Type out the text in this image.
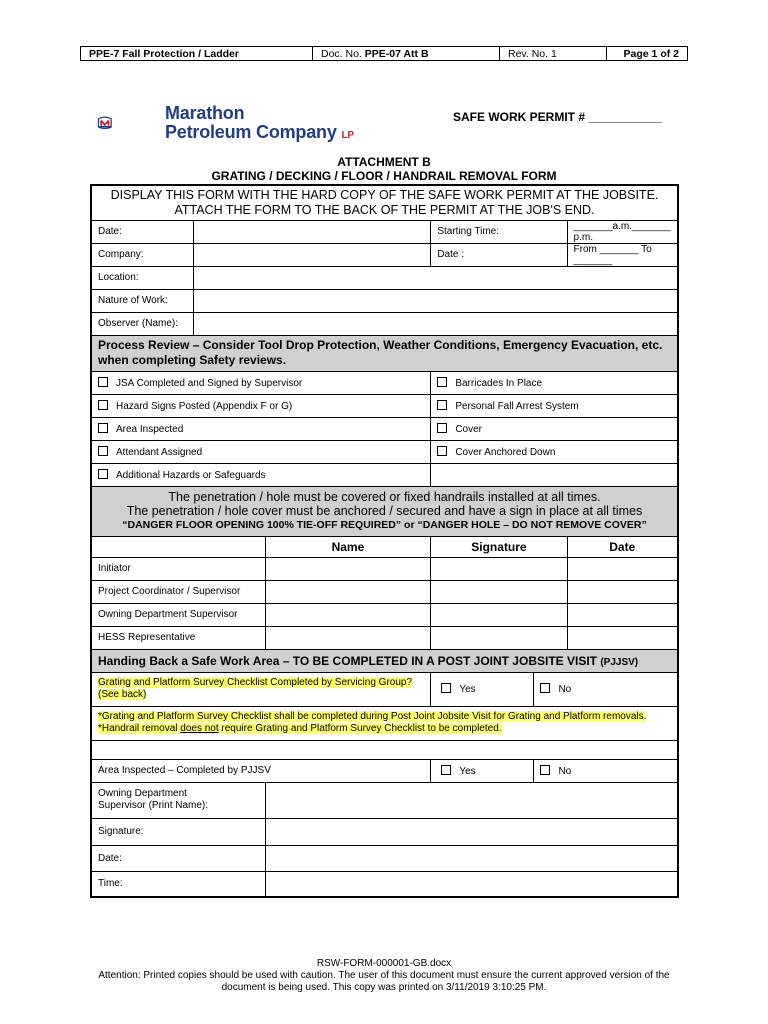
PPE-7 Fall Protection / Ladder	Doc. No. PPE-07 Att B	Rev. No. 1	Page 1 of 2
MARATHON
Marathon
Petroleum Company LP
SAFE WORK PERMIT # ___________
ATTACHMENT B
GRATING / DECKING / FLOOR / HANDRAIL REMOVAL FORM
DISPLAY THIS FORM WITH THE HARD COPY OF THE SAFE WORK PERMIT AT THE JOBSITE.
ATTACH THE FORM TO THE BACK OF THE PERMIT AT THE JOB'S END.					

Date:			Starting Time:		_______a.m._______ p.m.
Company:			Date :		From _______ To _______
Location:					
Nature of Work:					
Observer (Name):					
Process Review – Consider Tool Drop Protection, Weather Conditions, Emergency Evacuation, etc. when completing Safety reviews.					
JSA Completed and Signed by Supervisor			Barricades In Place		
Hazard Signs Posted (Appendix F or G)			Personal Fall Arrest System		
Area Inspected			Cover		
Attendant Assigned			Cover Anchored Down		
Additional Hazards or Safeguards					

The penetration / hole must be covered or fixed handrails installed at all times.
The penetration / hole cover must be anchored / secured and have a sign in place at all times
“DANGER FLOOR OPENING 100% TIE-OFF REQUIRED” or “DANGER HOLE – DO NOT REMOVE COVER”					

		Name	Signature		Date
Initiator					
Project Coordinator / Supervisor					
Owning Department Supervisor					
HESS Representative					
Handing Back a Safe Work Area – TO BE COMPLETED IN A POST JOINT JOBSITE VISIT (PJJSV)					
Grating and Platform Survey Checklist Completed by Servicing Group?
(See back)			Yes	No	
*Grating and Platform Survey Checklist shall be completed during Post Joint Jobsite Visit for Grating and Platform removals.
*Handrail removal does not require Grating and Platform Survey Checklist to be completed.					

Area Inspected – Completed by PJJSV			Yes	No	

Owning Department
Supervisor (Print Name):					

Signature:					
Date:					
Time:					
RSW-FORM-000001-GB.docx
Attention: Printed copies should be used with caution. The user of this document must ensure the current approved version of the
document is being used. This copy was printed on 3/11/2019 3:10:25 PM.
